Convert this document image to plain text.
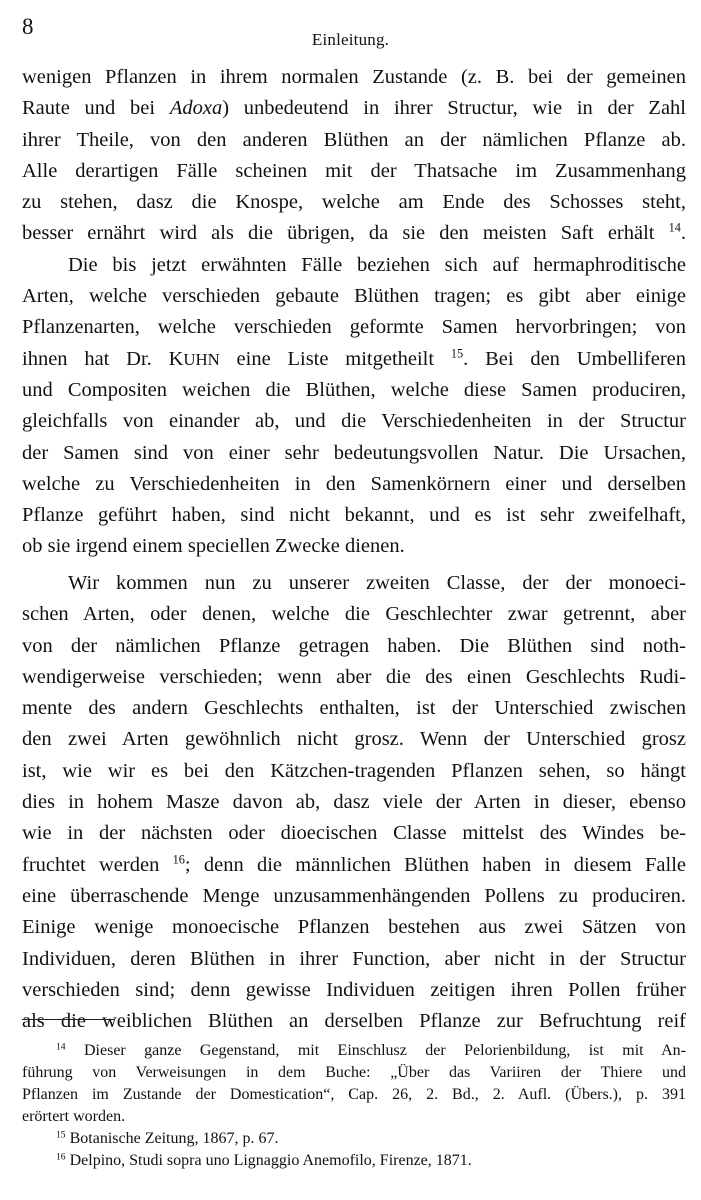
8
Einleitung.
wenigen Pflanzen in ihrem normalen Zustande (z. B. bei der gemeinen
Raute und bei Adoxa) unbedeutend in ihrer Structur, wie in der Zahl
ihrer Theile, von den anderen Blüthen an der nämlichen Pflanze ab.
Alle derartigen Fälle scheinen mit der Thatsache im Zusammenhang
zu stehen, dasz die Knospe, welche am Ende des Schosses steht,
besser ernährt wird als die übrigen, da sie den meisten Saft erhält $^{14}$.
Die bis jetzt erwähnten Fälle beziehen sich auf hermaphroditische
Arten, welche verschieden gebaute Blüthen tragen; es gibt aber einige
Pflanzenarten, welche verschieden geformte Samen hervorbringen; von
ihnen hat Dr. KUHN eine Liste mitgetheilt $^{15}$. Bei den Umbelliferen
und Compositen weichen die Blüthen, welche diese Samen produciren,
gleichfalls von einander ab, und die Verschiedenheiten in der Structur
der Samen sind von einer sehr bedeutungsvollen Natur. Die Ursachen,
welche zu Verschiedenheiten in den Samenkörnern einer und derselben
Pflanze geführt haben, sind nicht bekannt, und es ist sehr zweifelhaft,
ob sie irgend einem speciellen Zwecke dienen.
Wir kommen nun zu unserer zweiten Classe, der der monoeci-
schen Arten, oder denen, welche die Geschlechter zwar getrennt, aber
von der nämlichen Pflanze getragen haben. Die Blüthen sind noth-
wendigerweise verschieden; wenn aber die des einen Geschlechts Rudi-
mente des andern Geschlechts enthalten, ist der Unterschied zwischen
den zwei Arten gewöhnlich nicht grosz. Wenn der Unterschied grosz
ist, wie wir es bei den Kätzchen-tragenden Pflanzen sehen, so hängt
dies in hohem Masze davon ab, dasz viele der Arten in dieser, ebenso
wie in der nächsten oder dioecischen Classe mittelst des Windes be-
fruchtet werden $^{16}$; denn die männlichen Blüthen haben in diesem Falle
eine überraschende Menge unzusammenhängenden Pollens zu produciren.
Einige wenige monoecische Pflanzen bestehen aus zwei Sätzen von
Individuen, deren Blüthen in ihrer Function, aber nicht in der Structur
verschieden sind; denn gewisse Individuen zeitigen ihren Pollen früher
als die weiblichen Blüthen an derselben Pflanze zur Befruchtung reif
$^{14}$ Dieser ganze Gegenstand, mit Einschlusz der Pelorienbildung, ist mit An-
führung von Verweisungen in dem Buche: „Über das Variiren der Thiere und
Pflanzen im Zustande der Domestication“, Cap. 26, 2. Bd., 2. Aufl. (Übers.), p. 391
erörtert worden.
$^{15}$ Botanische Zeitung, 1867, p. 67.
$^{16}$ Delpino, Studi sopra uno Lignaggio Anemofilo, Firenze, 1871.
